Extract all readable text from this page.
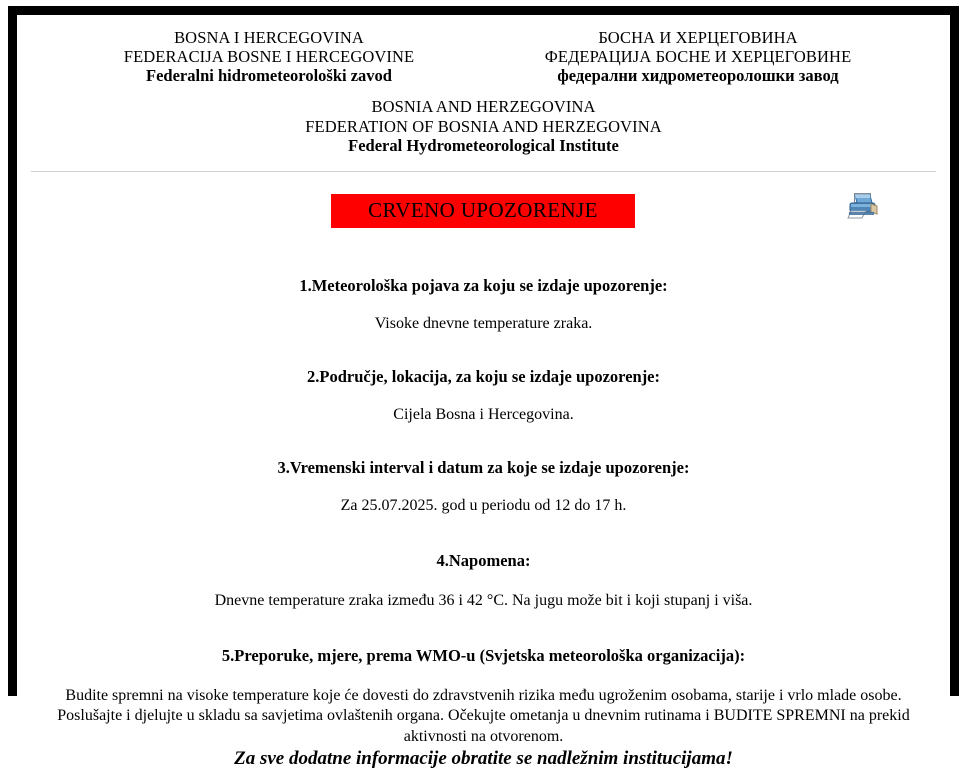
BOSNA I HERCEGOVINA
FEDERACIJA BOSNE I HERCEGOVINE
Federalni hidrometeorološki zavod
БОСНА И ХЕРЦЕГОВИНА
ФЕДЕРАЦИЈА БОСНЕ И ХЕРЦЕГОВИНЕ
федерални хидрометеоролошки завод
BOSNIA AND HERZEGOVINA
FEDERATION OF BOSNIA AND HERZEGOVINA
Federal Hydrometeorological Institute
CRVENO UPOZORENJE
1.Meteorološka pojava za koju se izdaje upozorenje:
Visoke dnevne temperature zraka.
2.Područje, lokacija, za koju se izdaje upozorenje:
Cijela Bosna i Hercegovina.
3.Vremenski interval i datum za koje se izdaje upozorenje:
Za 25.07.2025. god u periodu od 12 do 17 h.
4.Napomena:
Dnevne temperature zraka između 36 i 42 °C. Na jugu može bit i koji stupanj i viša.
5.Preporuke, mjere, prema WMO-u (Svjetska meteorološka organizacija):
Budite spremni na visoke temperature koje će dovesti do zdravstvenih rizika među ugroženim osobama, starije i vrlo mlade osobe. Poslušajte i djelujte u skladu sa savjetima ovlaštenih organa. Očekujte ometanja u dnevnim rutinama i BUDITE SPREMNI na prekid aktivnosti na otvorenom.
Za sve dodatne informacije obratite se nadležnim institucijama!
